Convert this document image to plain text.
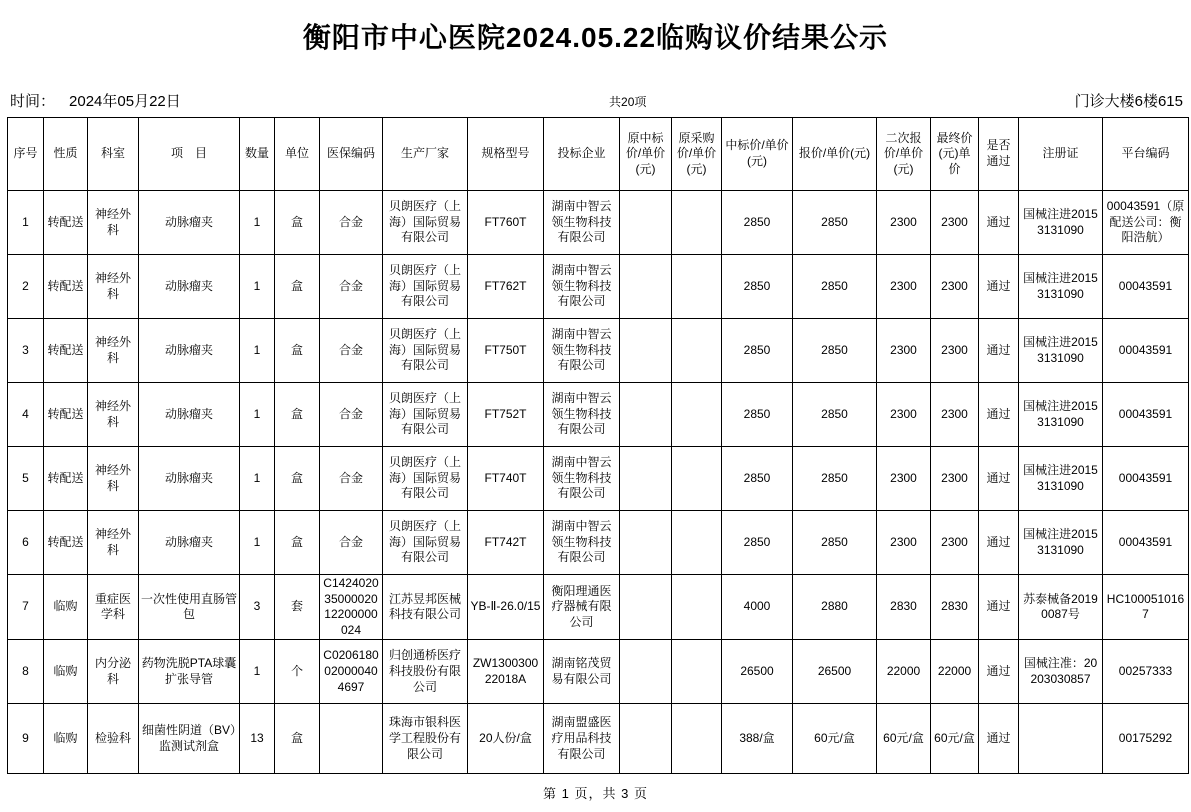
衡阳市中心医院2024.05.22临购议价结果公示
时间： 2024年05月22日	共20项	门诊大楼6楼615
序号	性质	科室	项　目	数量	单位	医保编码	生产厂家	规格型号	投标企业	原中标价/单价(元)	原采购价/单价(元)	中标价/单价(元)	报价/单价(元)	二次报价/单价(元)	最终价(元)单价	是否通过	注册证	平台编码
1	转配送	神经外科	动脉瘤夹	1	盒	合金	贝朗医疗（上海）国际贸易有限公司	FT760T	湖南中智云领生物科技有限公司			2850	2850	2300	2300	通过	国械注进20153131090	00043591（原配送公司：衡阳浩航）
2	转配送	神经外科	动脉瘤夹	1	盒	合金	贝朗医疗（上海）国际贸易有限公司	FT762T	湖南中智云领生物科技有限公司			2850	2850	2300	2300	通过	国械注进20153131090	00043591
3	转配送	神经外科	动脉瘤夹	1	盒	合金	贝朗医疗（上海）国际贸易有限公司	FT750T	湖南中智云领生物科技有限公司			2850	2850	2300	2300	通过	国械注进20153131090	00043591
4	转配送	神经外科	动脉瘤夹	1	盒	合金	贝朗医疗（上海）国际贸易有限公司	FT752T	湖南中智云领生物科技有限公司			2850	2850	2300	2300	通过	国械注进20153131090	00043591
5	转配送	神经外科	动脉瘤夹	1	盒	合金	贝朗医疗（上海）国际贸易有限公司	FT740T	湖南中智云领生物科技有限公司			2850	2850	2300	2300	通过	国械注进20153131090	00043591
6	转配送	神经外科	动脉瘤夹	1	盒	合金	贝朗医疗（上海）国际贸易有限公司	FT742T	湖南中智云领生物科技有限公司			2850	2850	2300	2300	通过	国械注进20153131090	00043591
7	临购	重症医学科	一次性使用直肠管包	3	套	C14240203500002012200000024	江苏昱邦医械科技有限公司	YB-Ⅱ-26.0/15	衡阳理通医疗器械有限公司			4000	2880	2830	2830	通过	苏泰械备20190087号	HC1000510167
8	临购	内分泌科	药物洗脱PTA球囊扩张导管	1	个	C0206180020000404697	归创通桥医疗科技股份有限公司	ZW130030022018A	湖南铭茂贸易有限公司			26500	26500	22000	22000	通过	国械注准：20203030857	00257333
9	临购	检验科	细菌性阴道（BV）监测试剂盒	13	盒		珠海市银科医学工程股份有限公司	20人份/盒	湖南盟盛医疗用品科技有限公司			388/盒	60元/盒	60元/盒	60元/盒	通过		00175292
第 1 页，共 3 页
